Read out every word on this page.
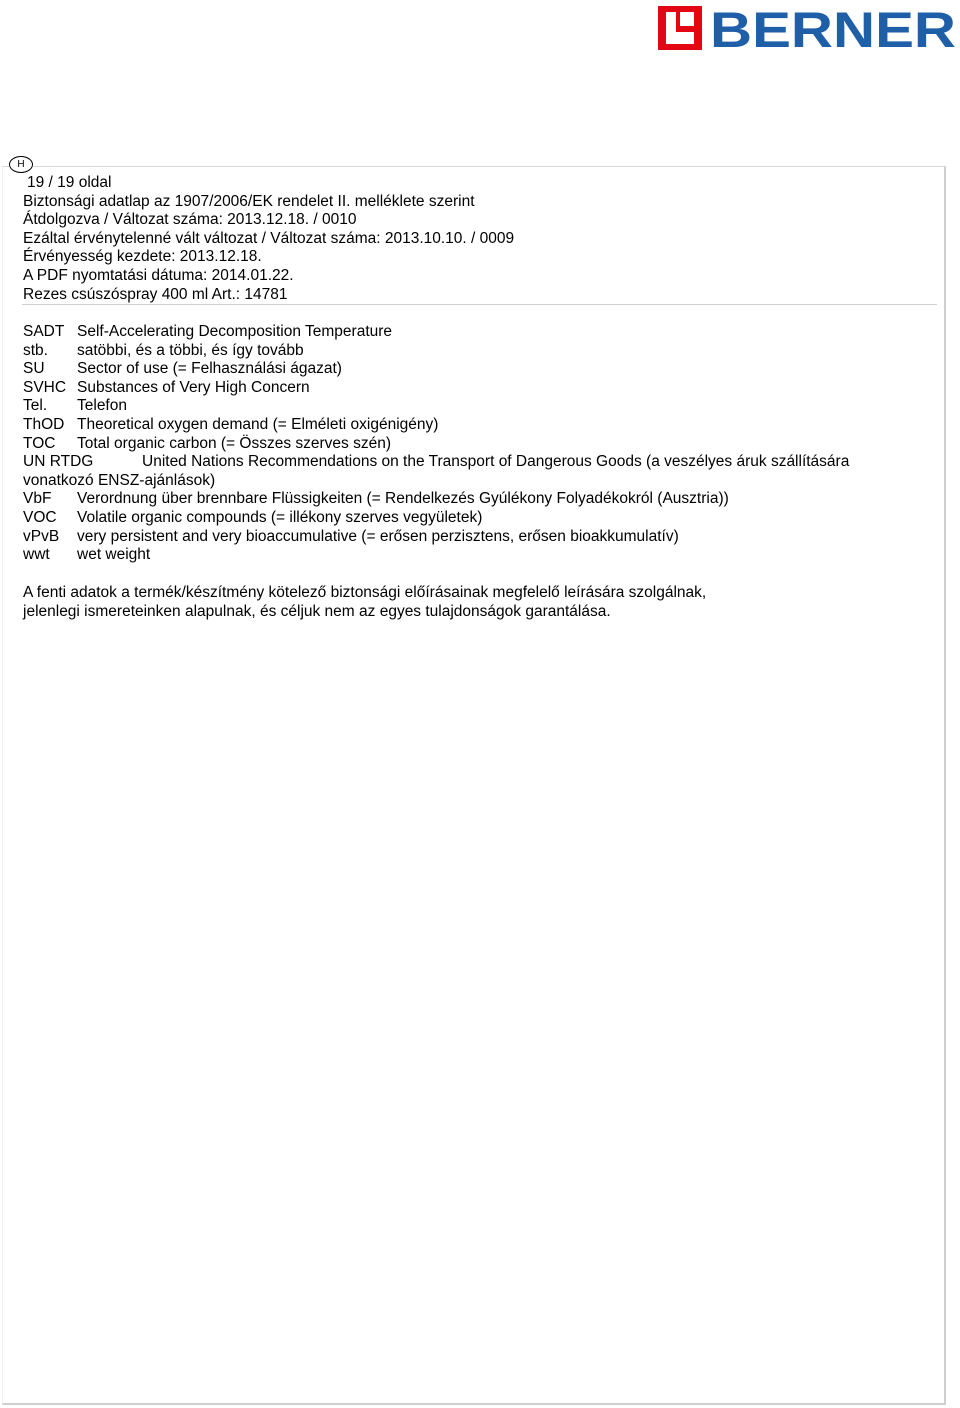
BERNER
H
19 / 19 oldal
Biztonsági adatlap az 1907/2006/EK rendelet II. melléklete szerint
Átdolgozva / Változat száma: 2013.12.18. / 0010
Ezáltal érvénytelenné vált változat / Változat száma: 2013.10.10. / 0009
Érvényesség kezdete: 2013.12.18.
A PDF nyomtatási dátuma: 2014.01.22.
Rezes csúszóspray 400 ml Art.: 14781
SADT Self-Accelerating Decomposition Temperature
stb.	satöbbi, és a többi, és így tovább
SU	Sector of use (= Felhasználási ágazat)
SVHC Substances of Very High Concern
Tel.	Telefon
ThOD Theoretical oxygen demand (= Elméleti oxigénigény)
TOC	Total organic carbon (= Összes szerves szén)
UN RTDG	United Nations Recommendations on the Transport of Dangerous Goods (a veszélyes áruk szállítására
vonatkozó ENSZ-ajánlások)
VbF	Verordnung über brennbare Flüssigkeiten (= Rendelkezés Gyúlékony Folyadékokról (Ausztria))
VOC	Volatile organic compounds (= illékony szerves vegyületek)
vPvB	very persistent and very bioaccumulative (= erősen perzisztens, erősen bioakkumulatív)
wwt	wet weight

A fenti adatok a termék/készítmény kötelező biztonsági előírásainak megfelelő leírására szolgálnak,

jelenlegi ismereteinken alapulnak, és céljuk nem az egyes tulajdonságok garantálása.
